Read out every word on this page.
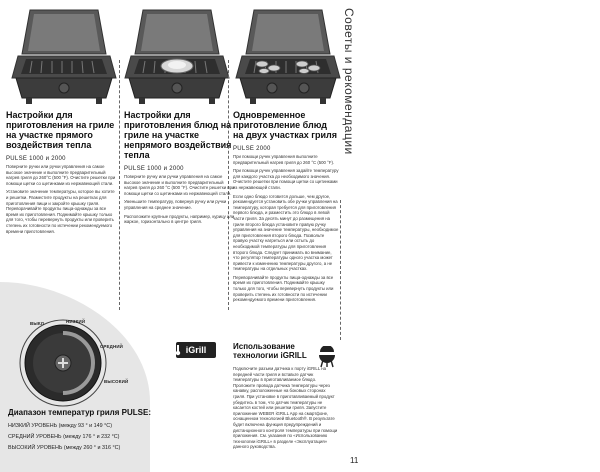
Советы и рекомендации
Настройки для приготовления на гриле на участке прямого воздействия тепла
PULSE 1000 и 2000

Поверните ручки или ручки управления на самое высокое значение и выполните предварительный нагрев гриля до 260°C (500 °F). Очистите решетки при помощи щетки со щетинками из нержавеющей стали.

Установите значение температуры, которое вы хотите и решетки. Разместите продукты на решетках для приготовления пищи и закройте крышку гриля. Переворачивайте продукты пища-однажды за все время их приготовления. Поднимайте крышку только для того, чтобы перевернуть продукты или проверить степень их готовности по истечении рекомендуемого времени приготовления.

Настройки для приготовления блюд на гриле на участке непрямого воздействия тепла
PULSE 1000 и 2000

Поверните ручку или ручки управления на самое высокое значение и выполните предварительный нагрев гриля до 260 °C (500 °F). Очистите решетки при помощи щетки со щетинками из нержавеющей стали.

Уменьшите температуру, повернув ручку или ручки управления на среднее значение.

Расположите крупные продукты, например, курицу или жаркое, горизонтально в центре гриля.

Одновременное приготовление блюд на двух участках гриля
PULSE 2000

При помощи ручек управления выполните предварительный нагрев гриля до 260 °C (500 °F).

При помощи ручек управления задайте температуру для каждого участка до необходимого значения. Очистите решетки при помощи щетки со щетинками из нержавеющей стали.

Если одно блюдо готовится дольше, чем другое, рекомендуется установить обе ручки управления на температуру, которая требуется для приготовления первого блюда, и разместить это блюдо в левой части гриля. За десять минут до размещения на гриле второго блюда установите правую ручку управления на значение температуры, необходимое для приготовления второго блюда. Позвольте правую участку нагреться или остыть до необходимой температуры для приготовления второго блюда. Следует принимать во внимание, что регулятор температуры одного участка может привести к изменению температуры другого, а не температуры на отдельных участках.

Переворачивайте продукты пища-однажды за все время их приготовления. Поднимайте крышку только для того, чтобы перевернуть продукты или проверить степень их готовности по истечении рекомендуемого времени приготовления.

ВЫКЛ	НИЗКИЙ
СРЕДНИЙ
ВЫСОКИЙ
Диапазон температур гриля PULSE:
НИЗКИЙ УРОВЕНЬ (между 93 ° и 149 °C)
СРЕДНИЙ УРОВЕНЬ (между 176 ° и 232 °C)
ВЫСОКИЙ УРОВЕНЬ (между 260 ° и 316 °C)
iGrill	Использование технологии iGRILL

Подключите разъем датчика к порту iGRILL на передней части гриля и вставьте датчик температуры в приготавливаемое блюдо. Проложите провода датчика температуры через канавку, расположенные на боковых сторонах гриля. При установке в приготавливаемый продукт убедитесь в том, что датчик температуры не касается костей или решетки гриля. Запустите приложение WEBER iGRILL App на смартфоне, оснащенном технологией Bluetooth®. В результате будет включена функция предупреждений и дистанционного контроля температуры при помощи приложения. См. указания по «Использованию технологии iGRILL» в разделе «Эксплуатация» данного руководства.

11
